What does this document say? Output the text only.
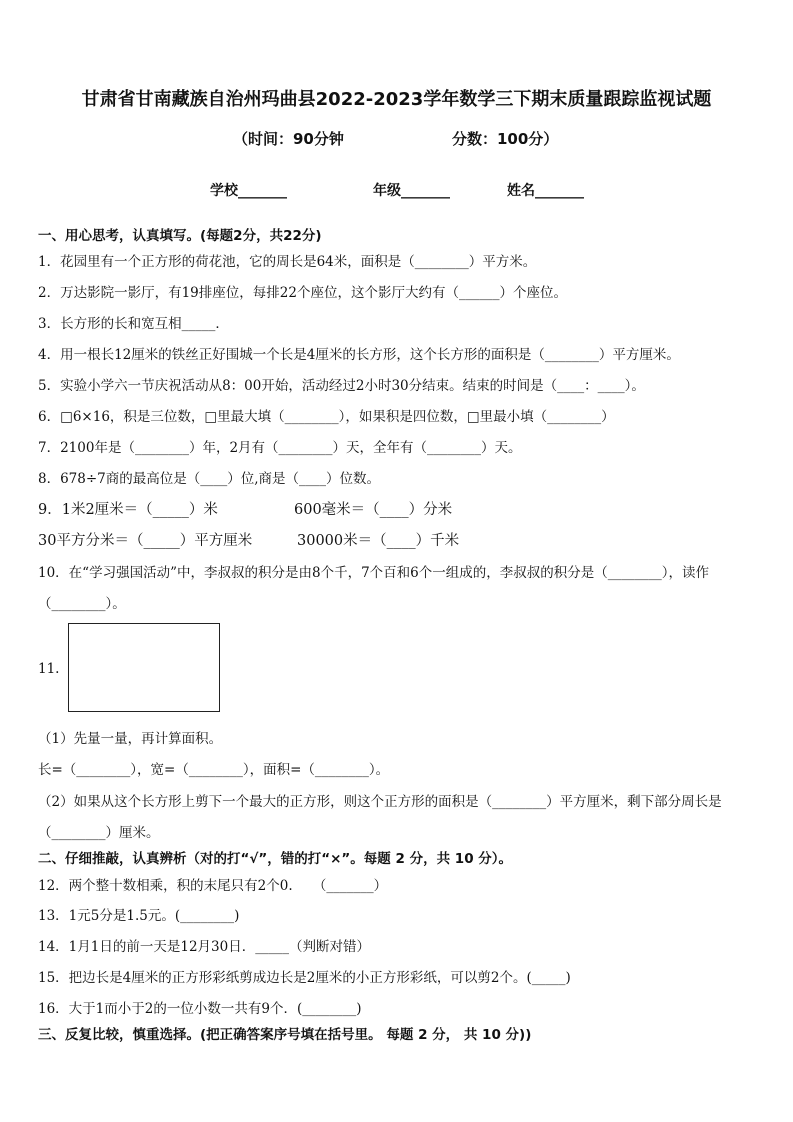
甘肃省甘南藏族自治州玛曲县2022-2023学年数学三下期末质量跟踪监视试题
（时间：90分钟	分数：100分）
学校_______	年级_______	姓名_______
一、用心思考，认真填写。(每题2分，共22分)
1．花园里有一个正方形的荷花池，它的周长是64米，面积是（________）平方米。
2．万达影院一影厅，有19排座位，每排22个座位，这个影厅大约有（______）个座位。
3．长方形的长和宽互相_____．
4．用一根长12厘米的铁丝正好围城一个长是4厘米的长方形，这个长方形的面积是（________）平方厘米。
5．实验小学六一节庆祝活动从8：00开始，活动经过2小时30分结束。结束的时间是（____：____）。
6．□6×16，积是三位数，□里最大填（________），如果积是四位数，□里最小填（________）
7．2100年是（________）年，2月有（________）天，全年有（________）天。
8．678÷7商的最高位是（____）位,商是（____）位数。
9．1米2厘米＝（_____）米	600毫米＝（____）分米
30平方分米＝（_____）平方厘米	30000米＝（____）千米
10．在“学习强国活动”中，李叔叔的积分是由8个千，7个百和6个一组成的，李叔叔的积分是（________），读作
（________）。
11.
（1）先量一量，再计算面积。
长=（________），宽=（________），面积=（________）。
（2）如果从这个长方形上剪下一个最大的正方形，则这个正方形的面积是（________）平方厘米，剩下部分周长是
（________）厘米。
二、仔细推敲，认真辨析（对的打“√”，错的打“×”。每题 2 分，共 10 分）。
12．两个整十数相乘，积的末尾只有2个0.　　（_______）
13．1元5分是1.5元。(________)
14．1月1日的前一天是12月30日．_____（判断对错）
15．把边长是4厘米的正方形彩纸剪成边长是2厘米的小正方形彩纸，可以剪2个。(_____)
16．大于1而小于2的一位小数一共有9个．(________)
三、反复比较，慎重选择。(把正确答案序号填在括号里。 每题 2 分， 共 10 分))
